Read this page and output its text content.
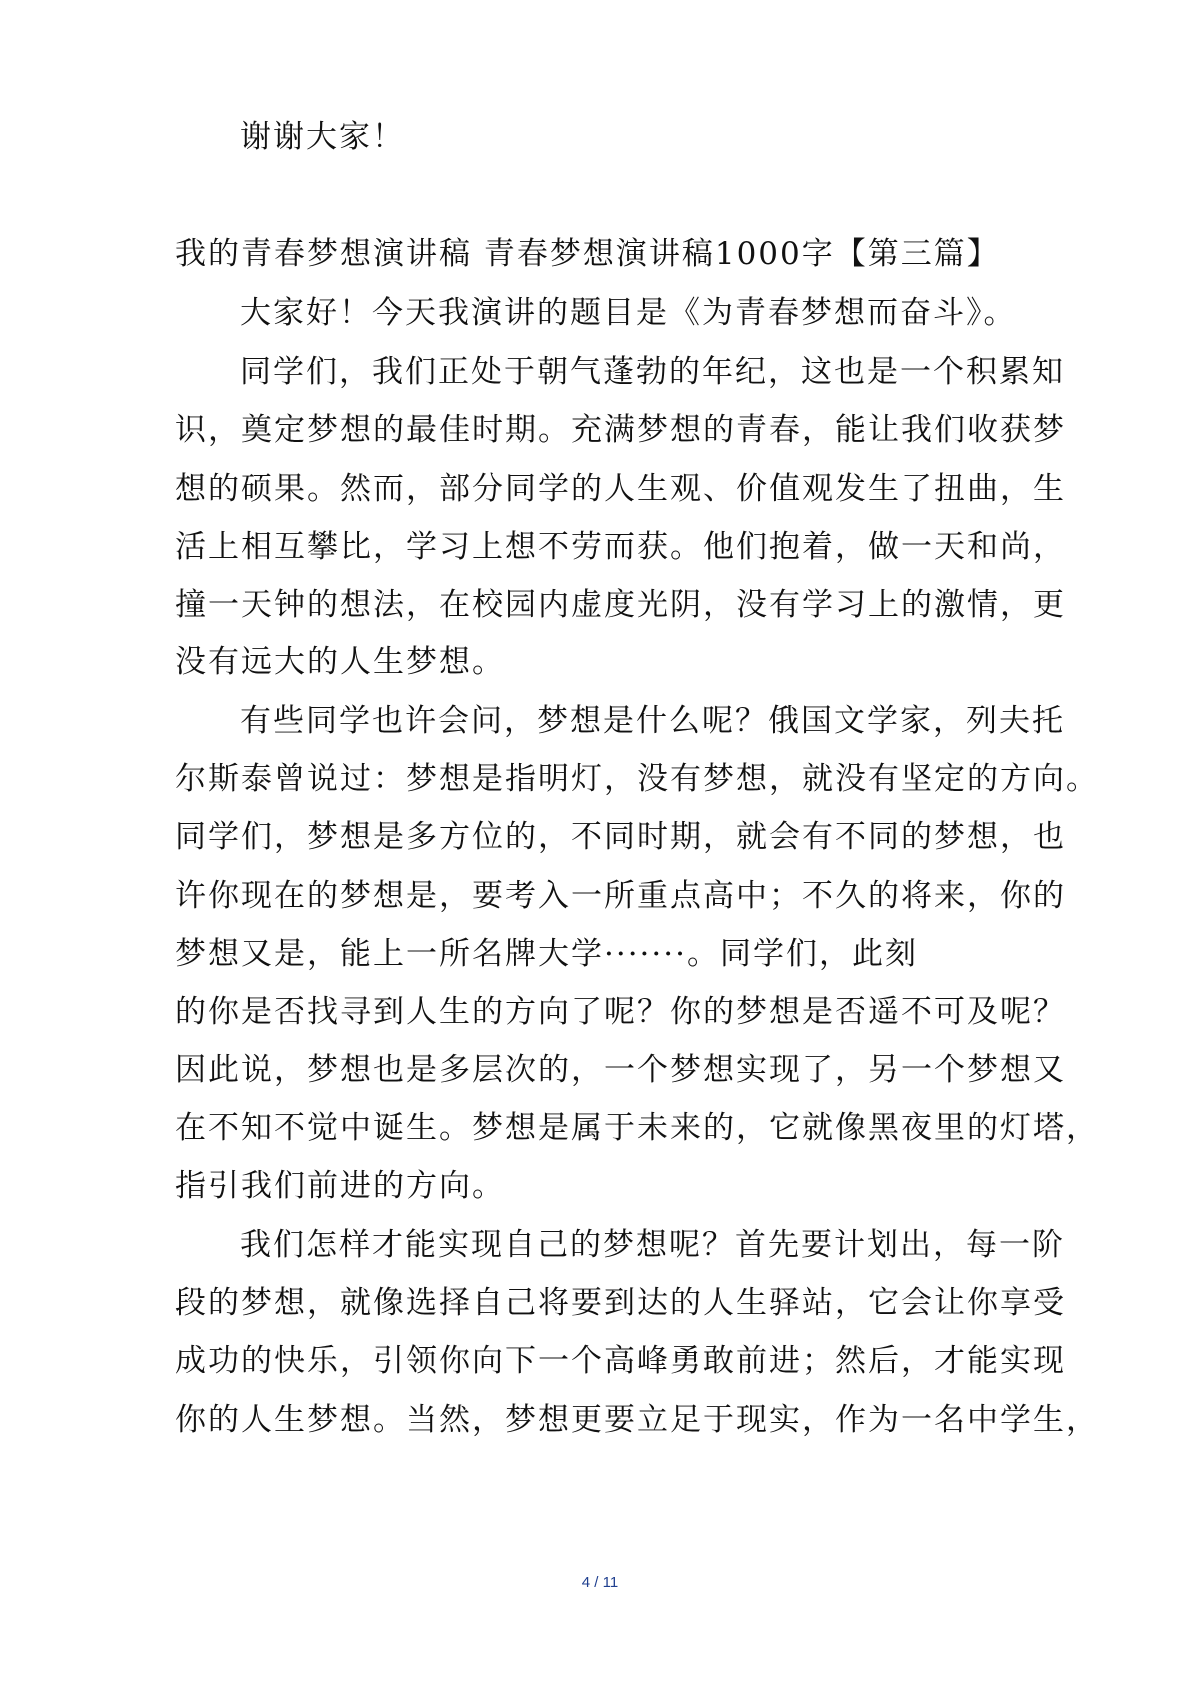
谢谢大家！
我的青春梦想演讲稿 青春梦想演讲稿1000字【第三篇】
大家好！今天我演讲的题目是《为青春梦想而奋斗》。
同学们，我们正处于朝气蓬勃的年纪，这也是一个积累知
识，奠定梦想的最佳时期。充满梦想的青春，能让我们收获梦
想的硕果。然而，部分同学的人生观、价值观发生了扭曲，生
活上相互攀比，学习上想不劳而获。他们抱着，做一天和尚，
撞一天钟的想法，在校园内虚度光阴，没有学习上的激情，更
没有远大的人生梦想。
有些同学也许会问，梦想是什么呢？俄国文学家，列夫托
尔斯泰曾说过：梦想是指明灯，没有梦想，就没有坚定的方向。
同学们，梦想是多方位的，不同时期，就会有不同的梦想，也
许你现在的梦想是，要考入一所重点高中；不久的将来，你的
梦想又是，能上一所名牌大学·······。同学们，此刻
的你是否找寻到人生的方向了呢？你的梦想是否遥不可及呢？
因此说，梦想也是多层次的，一个梦想实现了，另一个梦想又
在不知不觉中诞生。梦想是属于未来的，它就像黑夜里的灯塔，
指引我们前进的方向。
我们怎样才能实现自己的梦想呢？首先要计划出，每一阶
段的梦想，就像选择自己将要到达的人生驿站，它会让你享受
成功的快乐，引领你向下一个高峰勇敢前进；然后，才能实现
你的人生梦想。当然，梦想更要立足于现实，作为一名中学生，
4 / 11
